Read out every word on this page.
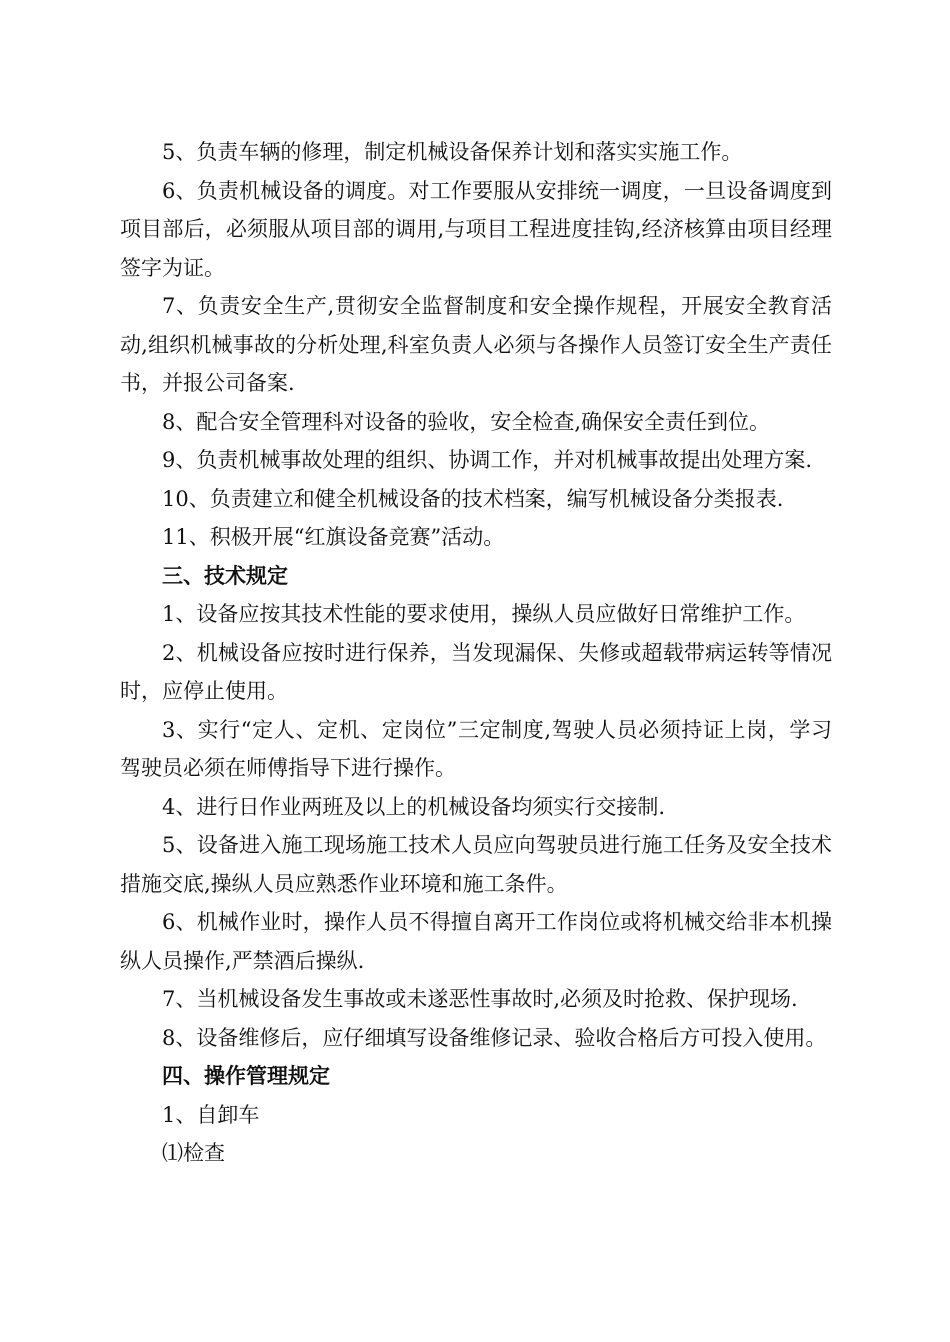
5、负责车辆的修理，制定机械设备保养计划和落实实施工作。

6、负责机械设备的调度。对工作要服从安排统一调度，一旦设备调度到项目部后，必须服从项目部的调用,与项目工程进度挂钩,经济核算由项目经理签字为证。

7、负责安全生产,贯彻安全监督制度和安全操作规程，开展安全教育活动,组织机械事故的分析处理,科室负责人必须与各操作人员签订安全生产责任书，并报公司备案.

8、配合安全管理科对设备的验收，安全检查,确保安全责任到位。

9、负责机械事故处理的组织、协调工作，并对机械事故提出处理方案.

10、负责建立和健全机械设备的技术档案，编写机械设备分类报表.

11、积极开展“红旗设备竞赛”活动。

三、技术规定

1、设备应按其技术性能的要求使用，操纵人员应做好日常维护工作。

2、机械设备应按时进行保养，当发现漏保、失修或超载带病运转等情况时，应停止使用。

3、实行“定人、定机、定岗位”三定制度,驾驶人员必须持证上岗，学习驾驶员必须在师傅指导下进行操作。

4、进行日作业两班及以上的机械设备均须实行交接制.

5、设备进入施工现场施工技术人员应向驾驶员进行施工任务及安全技术措施交底,操纵人员应熟悉作业环境和施工条件。

6、机械作业时，操作人员不得擅自离开工作岗位或将机械交给非本机操纵人员操作,严禁酒后操纵.

7、当机械设备发生事故或未遂恶性事故时,必须及时抢救、保护现场.

8、设备维修后，应仔细填写设备维修记录、验收合格后方可投入使用。

四、操作管理规定

1、自卸车

⑴检查
